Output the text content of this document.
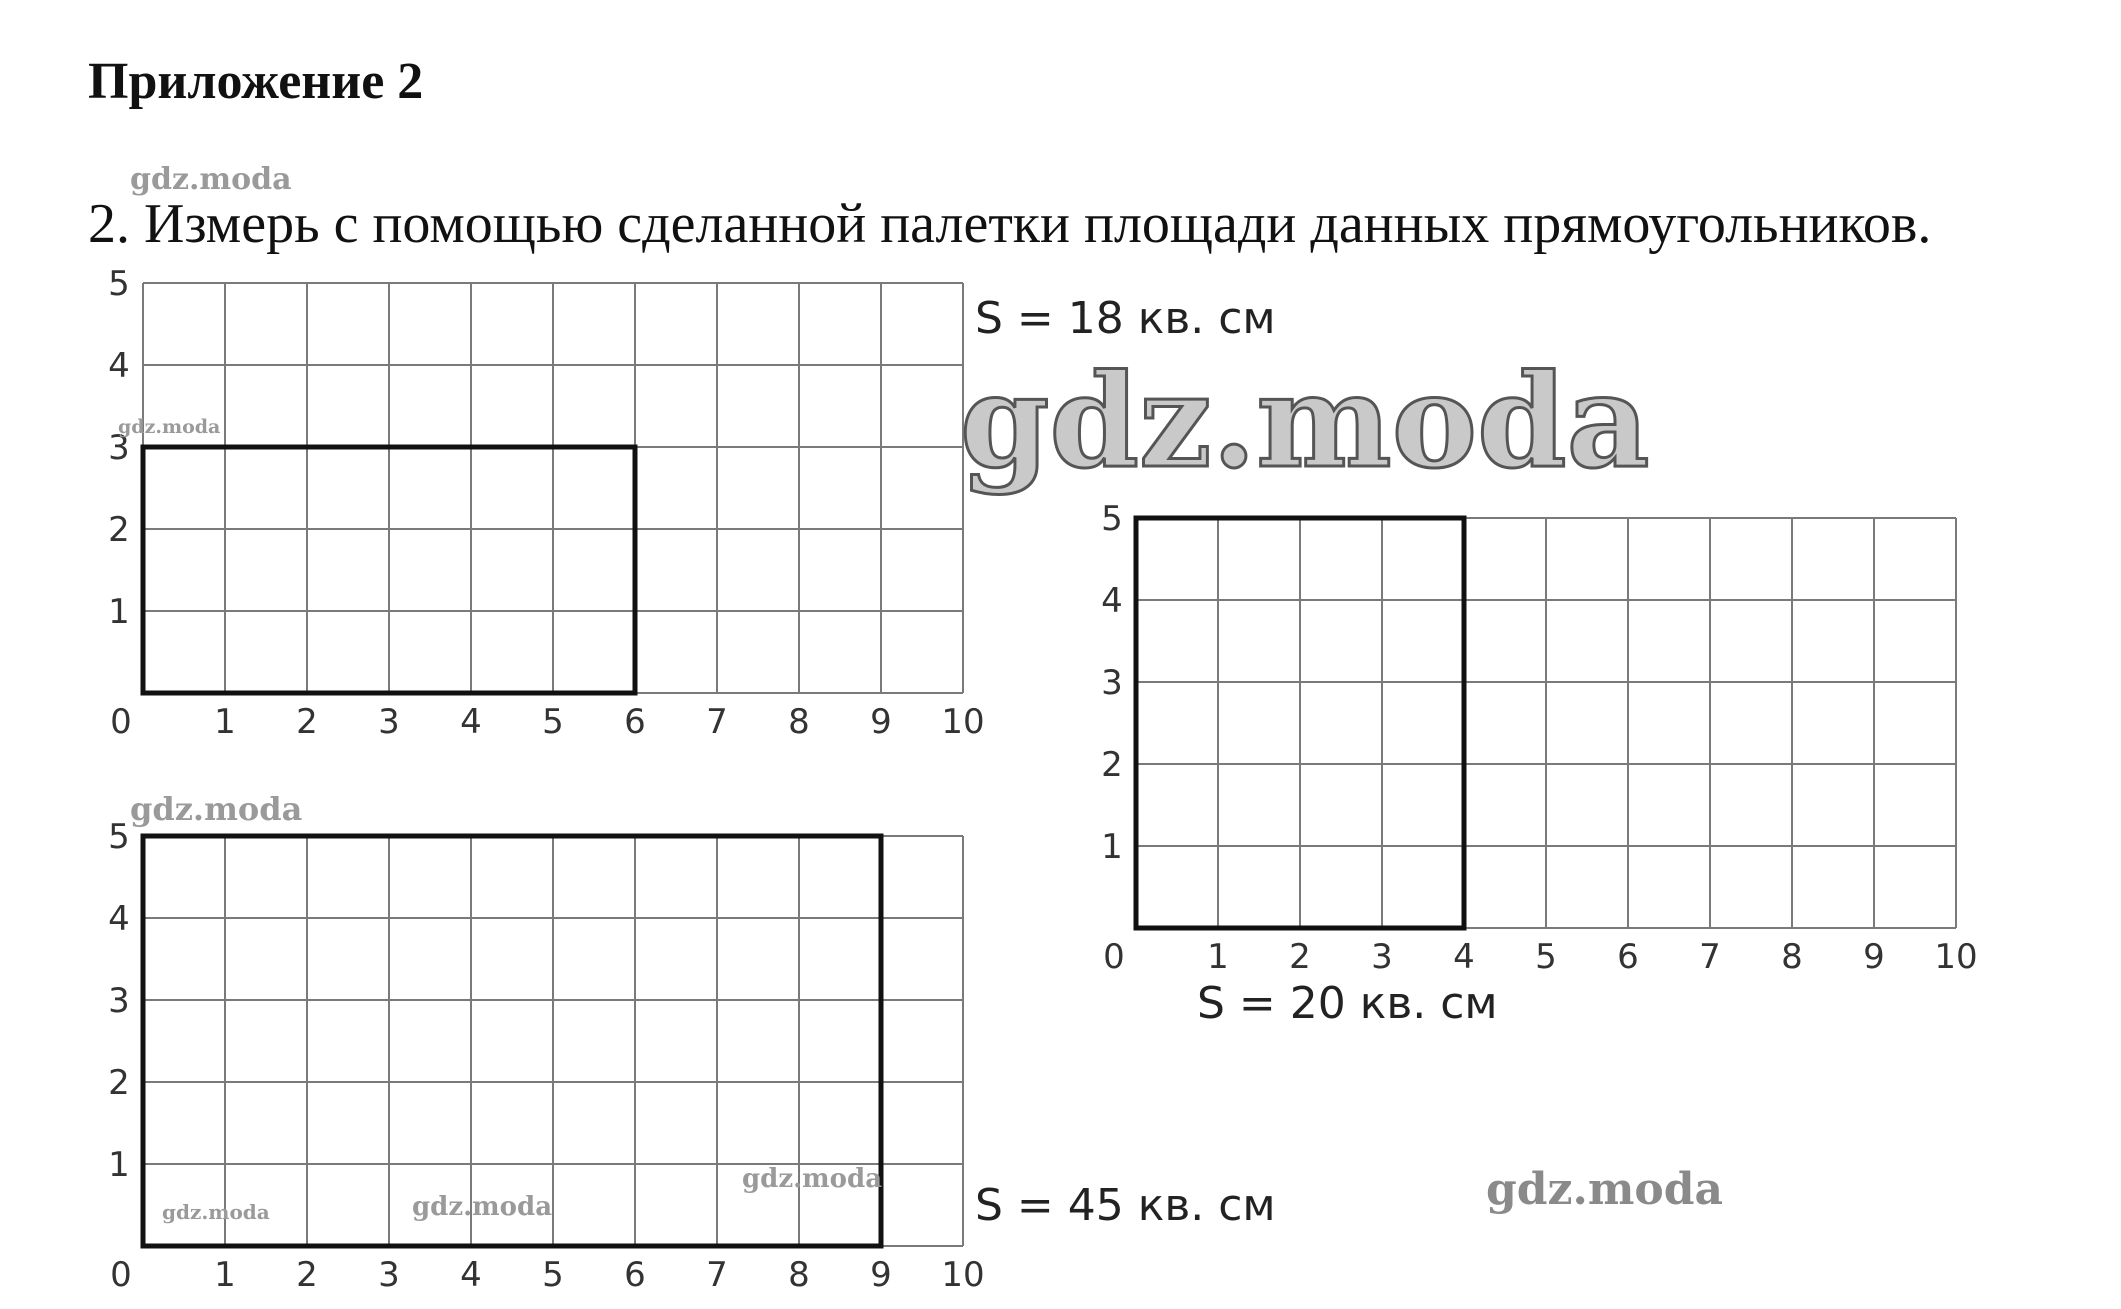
Приложение 2

2. Измерь с помощью сделанной палетки площади данных прямоугольников.

0 1 2 3 4 5 6 7 8 9 10
1
2
3
4
5
0 1 2 3 4 5 6 7 8 9 10
1
2
3
4
5
0 1 2 3 4 5 6 7 8 9 10
1
2
3
4
5
S = 18 кв. см
S = 20 кв. см
S = 45 кв. см
gdz.moda
gdz.moda
gdz.moda
gdz.moda	gdz.moda
gdz.moda	gdz.moda
gdz.moda
